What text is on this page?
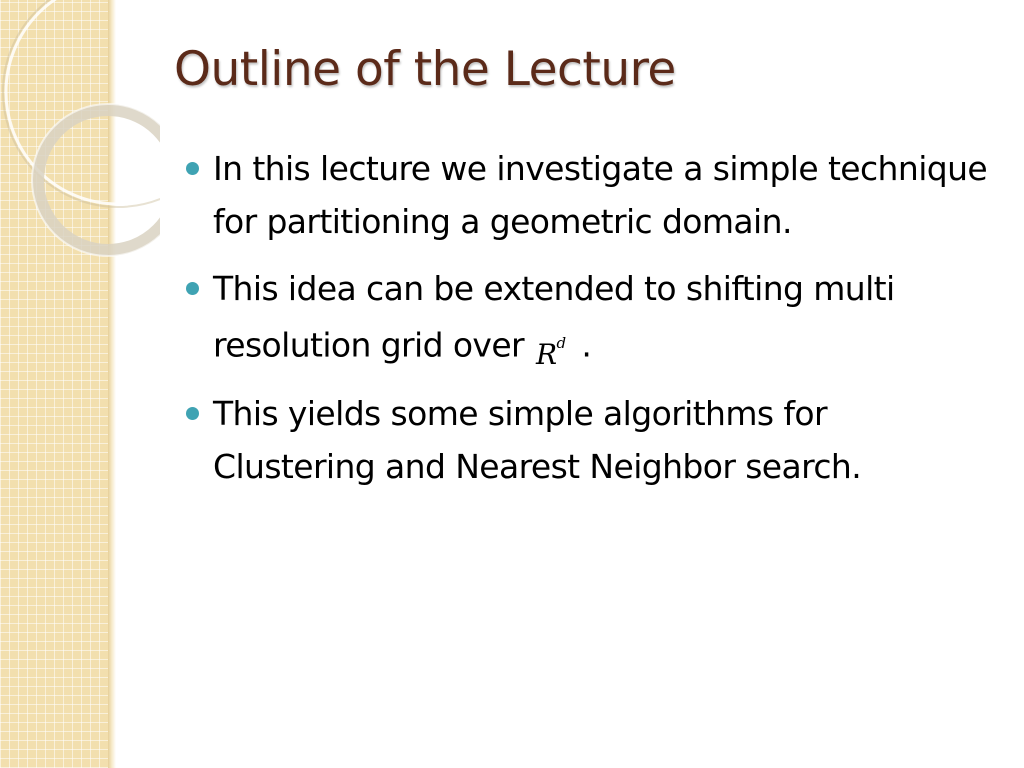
Outline of the Lecture
In this lecture we investigate a simple technique for partitioning a geometric domain.
This idea can be extended to shifting multi resolution grid over $_{R^d}$ .
This yields some simple algorithms for Clustering and Nearest Neighbor search.
